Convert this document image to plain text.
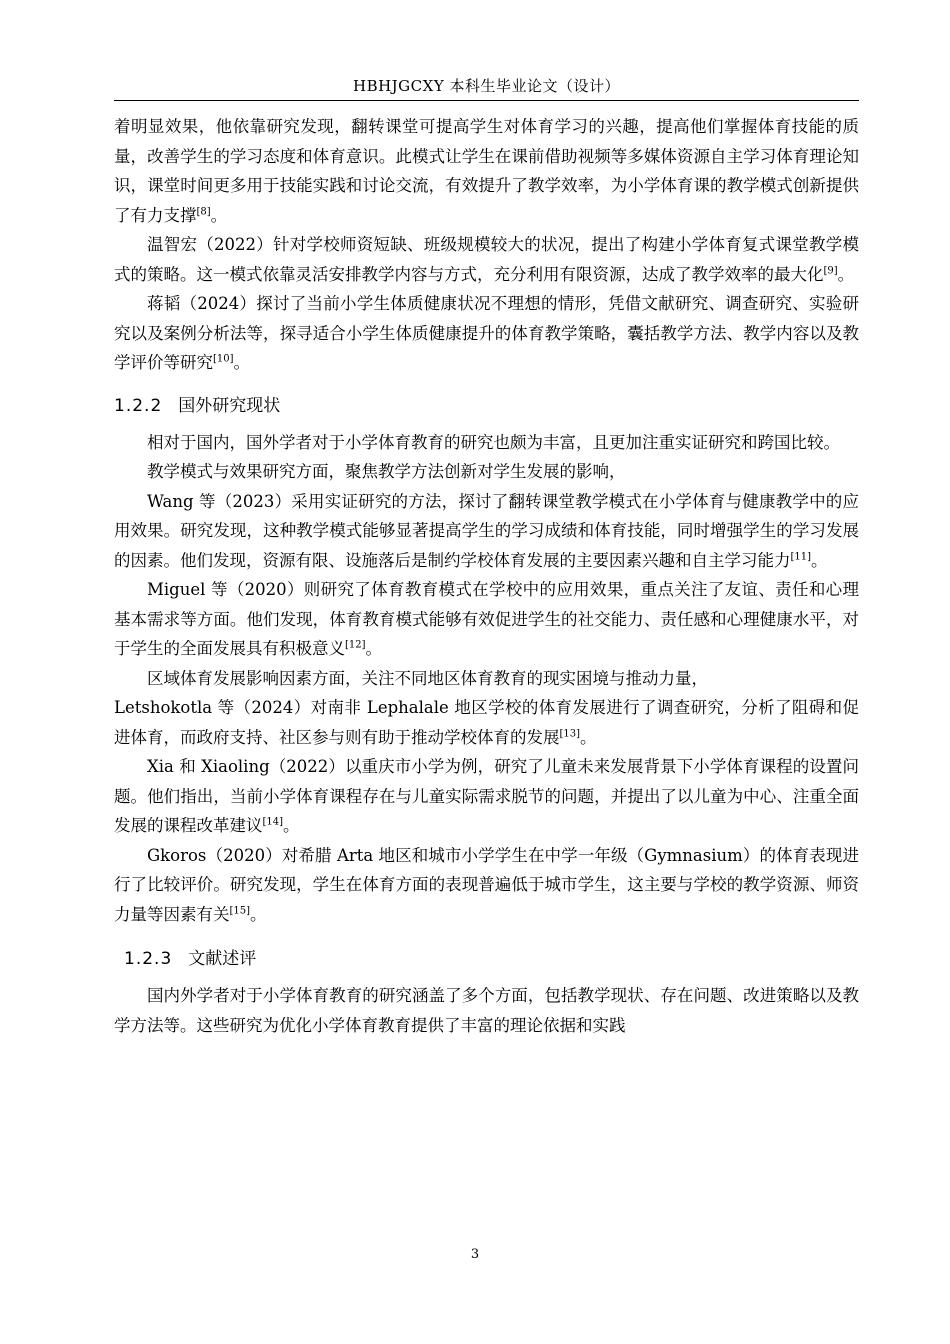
HBHJGCXY 本科生毕业论文（设计）

着明显效果，他依靠研究发现，翻转课堂可提高学生对体育学习的兴趣，提高他们掌握体育技能的质量，改善学生的学习态度和体育意识。此模式让学生在课前借助视频等多媒体资源自主学习体育理论知识，课堂时间更多用于技能实践和讨论交流，有效提升了教学效率，为小学体育课的教学模式创新提供了有力支撑[8]。

温智宏（2022）针对学校师资短缺、班级规模较大的状况，提出了构建小学体育复式课堂教学模式的策略。这一模式依靠灵活安排教学内容与方式，充分利用有限资源，达成了教学效率的最大化[9]。

蒋韬（2024）探讨了当前小学生体质健康状况不理想的情形，凭借文献研究、调查研究、实验研究以及案例分析法等，探寻适合小学生体质健康提升的体育教学策略，囊括教学方法、教学内容以及教学评价等研究[10]。

1.2.2 国外研究现状

相对于国内，国外学者对于小学体育教育的研究也颇为丰富，且更加注重实证研究和跨国比较。

教学模式与效果研究方面，聚焦教学方法创新对学生发展的影响，

Wang 等（2023）采用实证研究的方法，探讨了翻转课堂教学模式在小学体育与健康教学中的应用效果。研究发现，这种教学模式能够显著提高学生的学习成绩和体育技能，同时增强学生的学习发展的因素。他们发现，资源有限、设施落后是制约学校体育发展的主要因素兴趣和自主学习能力[11]。

Miguel 等（2020）则研究了体育教育模式在学校中的应用效果，重点关注了友谊、责任和心理基本需求等方面。他们发现，体育教育模式能够有效促进学生的社交能力、责任感和心理健康水平，对于学生的全面发展具有积极意义[12]。

区域体育发展影响因素方面，关注不同地区体育教育的现实困境与推动力量，

Letshokotla 等（2024）对南非 Lephalale 地区学校的体育发展进行了调查研究，分析了阻碍和促进体育，而政府支持、社区参与则有助于推动学校体育的发展[13]。

Xia 和 Xiaoling（2022）以重庆市小学为例，研究了儿童未来发展背景下小学体育课程的设置问题。他们指出，当前小学体育课程存在与儿童实际需求脱节的问题，并提出了以儿童为中心、注重全面发展的课程改革建议[14]。

Gkoros（2020）对希腊 Arta 地区和城市小学学生在中学一年级（Gymnasium）的体育表现进行了比较评价。研究发现，学生在体育方面的表现普遍低于城市学生，这主要与学校的教学资源、师资力量等因素有关[15]。

1.2.3 文献述评

国内外学者对于小学体育教育的研究涵盖了多个方面，包括教学现状、存在问题、改进策略以及教学方法等。这些研究为优化小学体育教育提供了丰富的理论依据和实践

3
